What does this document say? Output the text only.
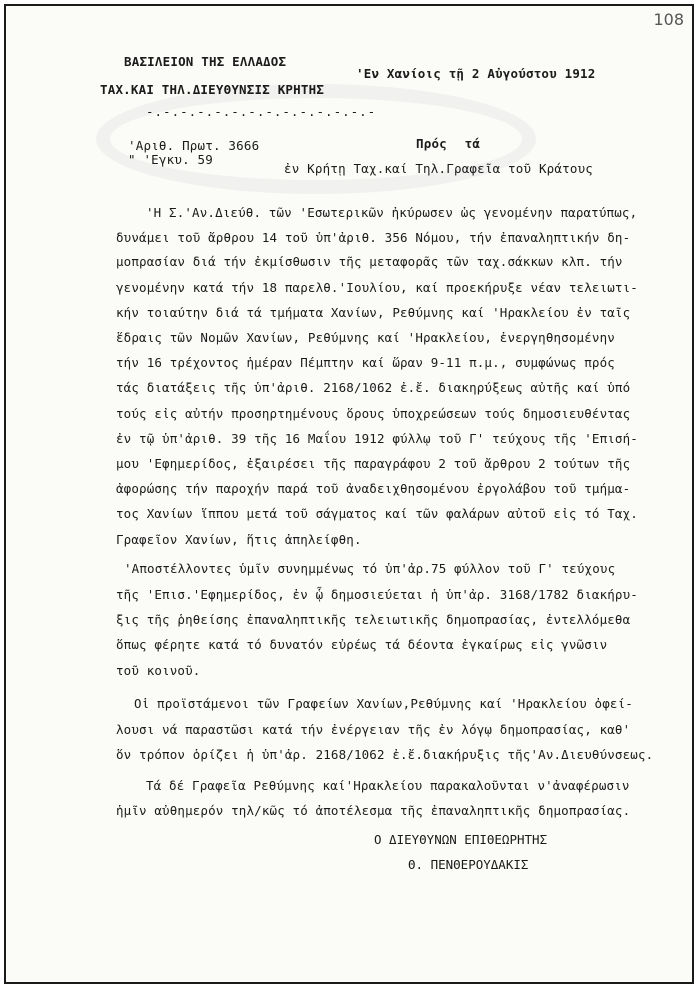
108
ΒΑΣΙΛΕΙΟΝ ΤΗΣ ΕΛΛΑΔΟΣ
ΤΑΧ.ΚΑΙ ΤΗΛ.ΔΙΕΥΘΥΝΣΙΣ ΚΡΗΤΗΣ
-.-.-.-.-.-.-.-.-.-.-.-.-.-
'Εν Χανίοις τῇ 2 Αὐγούστου 1912
'Αριθ. Πρωτ. 3666
" 'Εγκυ. 59
Πρός τά
ἐν Κρήτῃ Ταχ.καί Τηλ.Γραφεῖα τοῦ Κράτους
'Η Σ.'Αν.Διεύθ. τῶν 'Εσωτερικῶν ἠκύρωσεν ὡς γενομένην παρατύπως,
δυνάμει τοῦ ἄρθρου 14 τοῦ ὑπ'ἀριθ. 356 Νόμου, τήν ἐπαναληπτικήν δη-
μοπρασίαν διά τήν ἐκμίσθωσιν τῆς μεταφορᾶς τῶν ταχ.σάκκων κλπ. τήν
γενομένην κατά τήν 18 παρελθ.'Ιουλίου, καί προεκήρυξε νέαν τελειωτι-
κήν τοιαύτην διά τά τμήματα Χανίων, Ρεθύμνης καί 'Ηρακλείου ἐν ταῖς
ἕδραις τῶν Νομῶν Χανίων, Ρεθύμνης καί 'Ηρακλείου, ἐνεργηθησομένην
τήν 16 τρέχοντος ἡμέραν Πέμπτην καί ὥραν 9-11 π.μ., συμφώνως πρός
τάς διατάξεις τῆς ὑπ'ἀριθ. 2168/1062 ἐ.ἔ. διακηρύξεως αὐτῆς καί ὑπό
τούς εἰς αὐτήν προσηρτημένους ὅρους ὑποχρεώσεων τούς δημοσιευθέντας
ἐν τῷ ὑπ'ἀριθ. 39 τῆς 16 Μαΐου 1912 φύλλῳ τοῦ Γ' τεύχους τῆς 'Επισή-
μου 'Εφημερίδος, ἐξαιρέσει τῆς παραγράφου 2 τοῦ ἄρθρου 2 τούτων τῆς
ἀφορώσης τήν παροχήν παρά τοῦ ἀναδειχθησομένου ἐργολάβου τοῦ τμήμα-
τος Χανίων ἵππου μετά τοῦ σάγματος καί τῶν φαλάρων αὐτοῦ εἰς τό Ταχ.
Γραφεῖον Χανίων, ἥτις ἀπηλείφθη.
'Αποστέλλοντες ὑμῖν συνημμένως τό ὑπ'ἀρ.75 φύλλον τοῦ Γ' τεύχους
τῆς 'Επισ.'Εφημερίδος, ἐν ᾧ δημοσιεύεται ἡ ὑπ'ἀρ. 3168/1782 διακήρυ-
ξις τῆς ῥηθείσης ἐπαναληπτικῆς τελειωτικῆς δημοπρασίας, ἐντελλόμεθα
ὅπως φέρητε κατά τό δυνατόν εὐρέως τά δέοντα ἐγκαίρως εἰς γνῶσιν
τοῦ κοινοῦ.
Οἱ προϊστάμενοι τῶν Γραφείων Χανίων,Ρεθύμνης καί 'Ηρακλείου ὀφεί-
λουσι νά παραστῶσι κατά τήν ἐνέργειαν τῆς ἐν λόγῳ δημοπρασίας, καθ'
ὅν τρόπον ὁρίζει ἡ ὑπ'ἀρ. 2168/1062 ἐ.ἔ.διακήρυξις τῆς'Αν.Διευθύνσεως.
Τά δέ Γραφεῖα Ρεθύμνης καί'Ηρακλείου παρακαλοῦνται ν'ἀναφέρωσιν
ἡμῖν αὐθημερόν τηλ/κῶς τό ἀποτέλεσμα τῆς ἐπαναληπτικῆς δημοπρασίας.
Ο ΔΙΕΥΘΥΝΩΝ ΕΠΙΘΕΩΡΗΤΗΣ
Θ. ΠΕΝΘΕΡΟΥΔΑΚΙΣ
